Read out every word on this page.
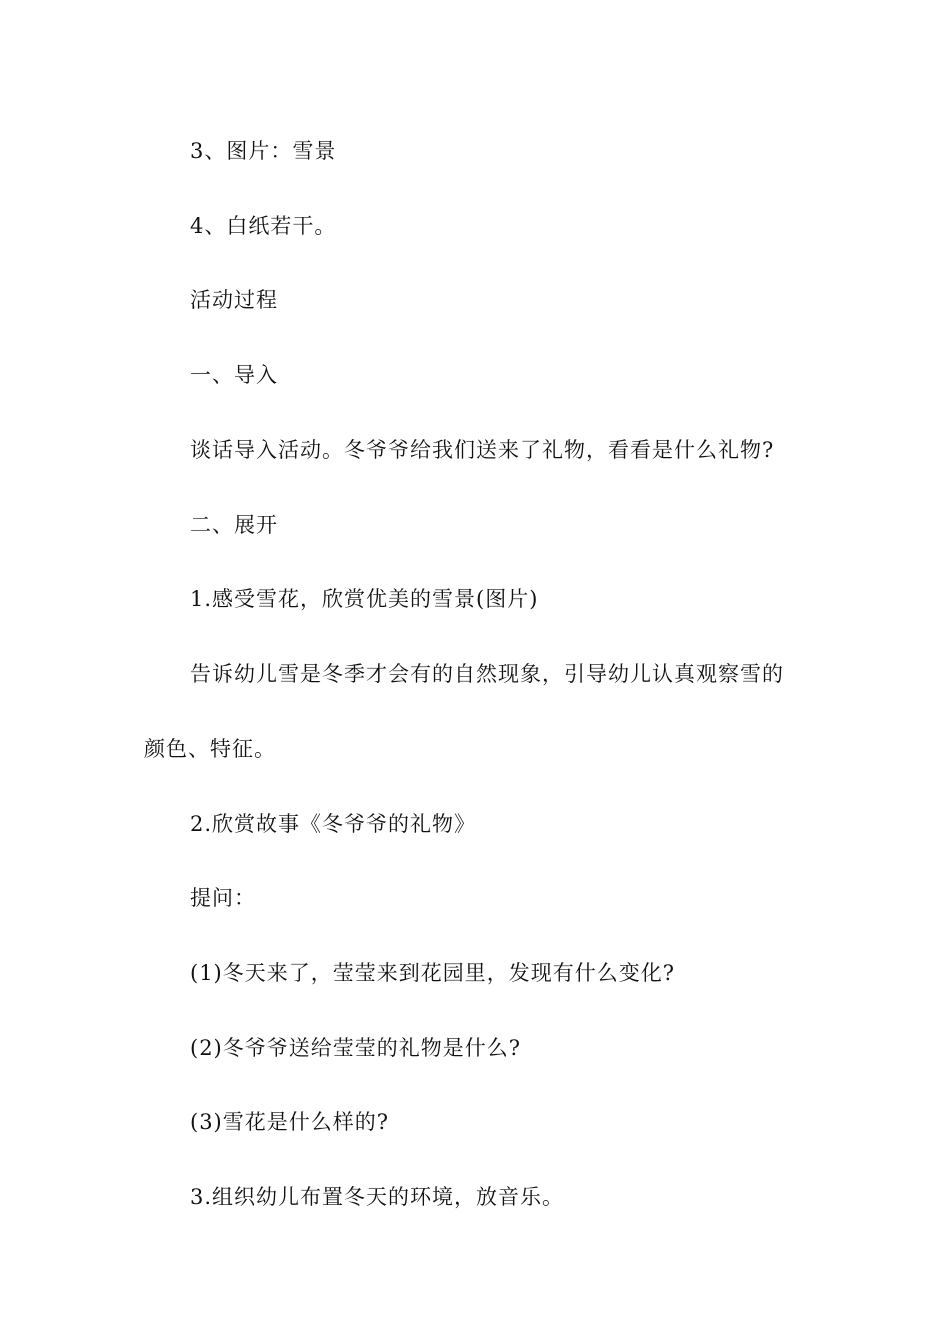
3、图片：雪景
4、白纸若干。
活动过程
一、导入
谈话导入活动。冬爷爷给我们送来了礼物，看看是什么礼物?
二、展开
1.感受雪花，欣赏优美的雪景(图片)
告诉幼儿雪是冬季才会有的自然现象，引导幼儿认真观察雪的
颜色、特征。
2.欣赏故事《冬爷爷的礼物》
提问：
(1)冬天来了，莹莹来到花园里，发现有什么变化?
(2)冬爷爷送给莹莹的礼物是什么?
(3)雪花是什么样的?
3.组织幼儿布置冬天的环境，放音乐。
